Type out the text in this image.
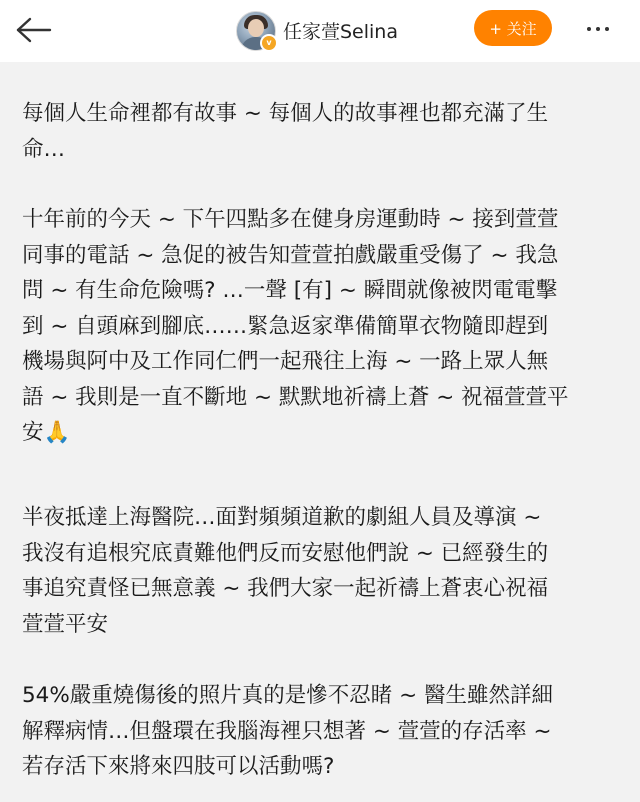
v 任家萱Selina	+ 关注
每個人生命裡都有故事 ~ 每個人的故事裡也都充滿了生
命…
十年前的今天 ~ 下午四點多在健身房運動時 ~ 接到萱萱
同事的電話 ~ 急促的被告知萱萱拍戲嚴重受傷了 ~ 我急
問 ~ 有生命危險嗎? …一聲 [有] ~ 瞬間就像被閃電電擊
到 ~ 自頭麻到腳底……緊急返家準備簡單衣物隨即趕到
機場與阿中及工作同仁們一起飛往上海 ~ 一路上眾人無
語 ~ 我則是一直不斷地 ~ 默默地祈禱上蒼 ~ 祝福萱萱平
安🙏
半夜抵達上海醫院…面對頻頻道歉的劇組人員及導演 ~
我沒有追根究底責難他們反而安慰他們說 ~ 已經發生的
事追究責怪已無意義 ~ 我們大家一起祈禱上蒼衷心祝福
萱萱平安
54%嚴重燒傷後的照片真的是慘不忍睹 ~ 醫生雖然詳細
解釋病情…但盤環在我腦海裡只想著 ~ 萱萱的存活率 ~
若存活下來將來四肢可以活動嗎?
